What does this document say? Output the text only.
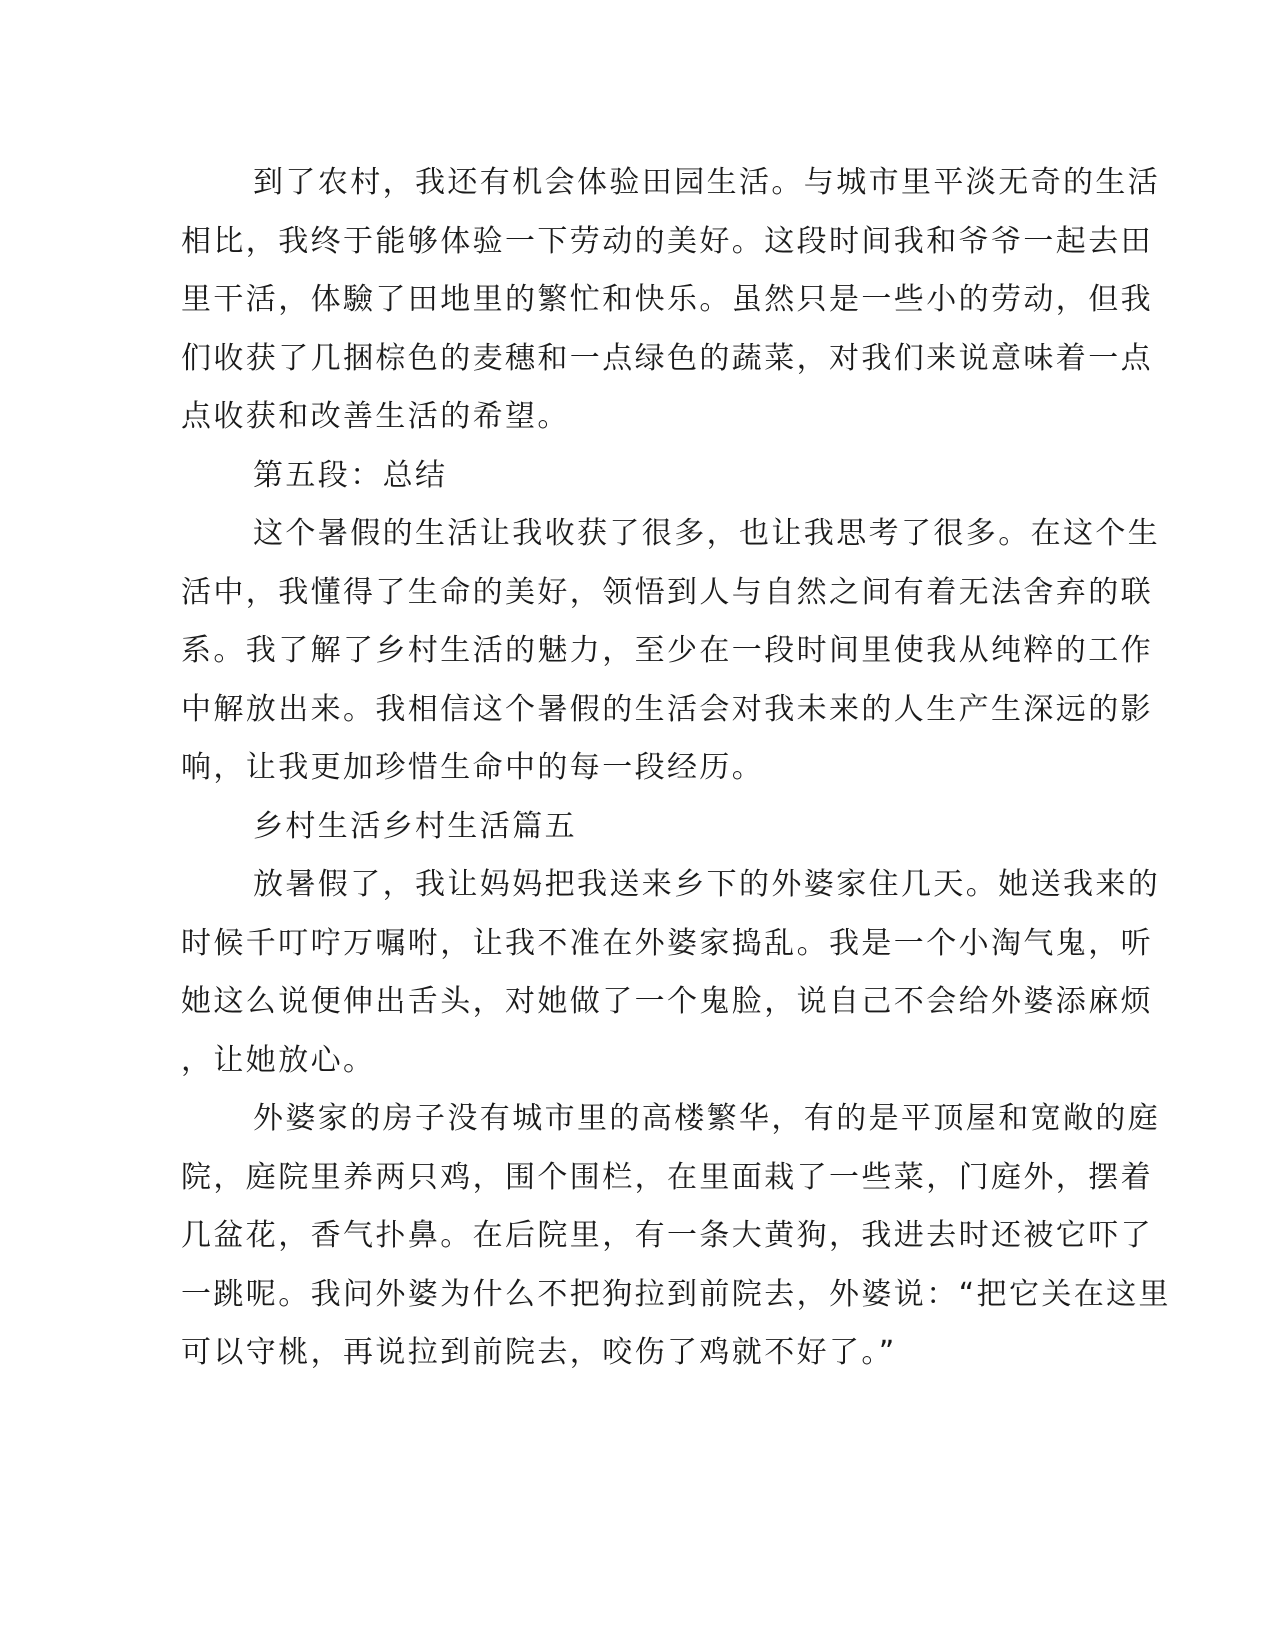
到了农村，我还有机会体验田园生活。与城市里平淡无奇的生活
相比，我终于能够体验一下劳动的美好。这段时间我和爷爷一起去田
里干活，体驗了田地里的繁忙和快乐。虽然只是一些小的劳动，但我
们收获了几捆棕色的麦穗和一点绿色的蔬菜，对我们来说意味着一点
点收获和改善生活的希望。
第五段：总结
这个暑假的生活让我收获了很多，也让我思考了很多。在这个生
活中，我懂得了生命的美好，领悟到人与自然之间有着无法舍弃的联
系。我了解了乡村生活的魅力，至少在一段时间里使我从纯粹的工作
中解放出来。我相信这个暑假的生活会对我未来的人生产生深远的影
响，让我更加珍惜生命中的每一段经历。
乡村生活乡村生活篇五
放暑假了，我让妈妈把我送来乡下的外婆家住几天。她送我来的
时候千叮咛万嘱咐，让我不准在外婆家捣乱。我是一个小淘气鬼，听
她这么说便伸出舌头，对她做了一个鬼脸，说自己不会给外婆添麻烦
，让她放心。
外婆家的房子没有城市里的高楼繁华，有的是平顶屋和宽敞的庭
院，庭院里养两只鸡，围个围栏，在里面栽了一些菜，门庭外，摆着
几盆花，香气扑鼻。在后院里，有一条大黄狗，我进去时还被它吓了
一跳呢。我问外婆为什么不把狗拉到前院去，外婆说：“把它关在这里
可以守桃，再说拉到前院去，咬伤了鸡就不好了。”
